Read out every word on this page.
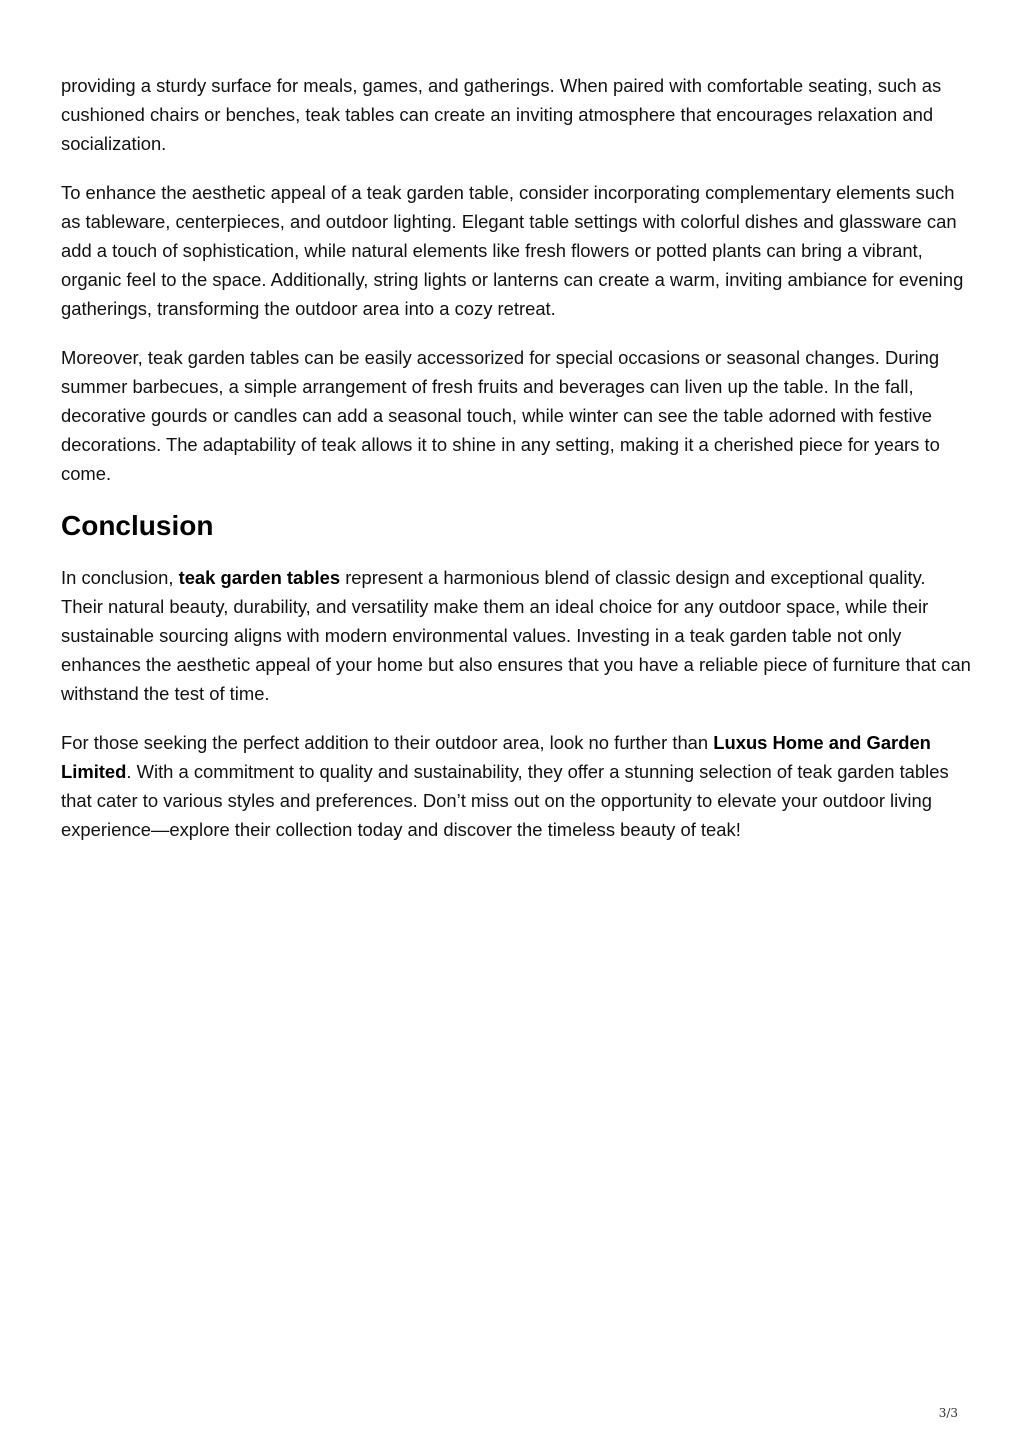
providing a sturdy surface for meals, games, and gatherings. When paired with comfortable seating, such as cushioned chairs or benches, teak tables can create an inviting atmosphere that encourages relaxation and socialization.

To enhance the aesthetic appeal of a teak garden table, consider incorporating complementary elements such as tableware, centerpieces, and outdoor lighting. Elegant table settings with colorful dishes and glassware can add a touch of sophistication, while natural elements like fresh flowers or potted plants can bring a vibrant, organic feel to the space. Additionally, string lights or lanterns can create a warm, inviting ambiance for evening gatherings, transforming the outdoor area into a cozy retreat.

Moreover, teak garden tables can be easily accessorized for special occasions or seasonal changes. During summer barbecues, a simple arrangement of fresh fruits and beverages can liven up the table. In the fall, decorative gourds or candles can add a seasonal touch, while winter can see the table adorned with festive decorations. The adaptability of teak allows it to shine in any setting, making it a cherished piece for years to come.

Conclusion

In conclusion, teak garden tables represent a harmonious blend of classic design and exceptional quality. Their natural beauty, durability, and versatility make them an ideal choice for any outdoor space, while their sustainable sourcing aligns with modern environmental values. Investing in a teak garden table not only enhances the aesthetic appeal of your home but also ensures that you have a reliable piece of furniture that can withstand the test of time.

For those seeking the perfect addition to their outdoor area, look no further than Luxus Home and Garden Limited. With a commitment to quality and sustainability, they offer a stunning selection of teak garden tables that cater to various styles and preferences. Don’t miss out on the opportunity to elevate your outdoor living experience—explore their collection today and discover the timeless beauty of teak!

3/3
